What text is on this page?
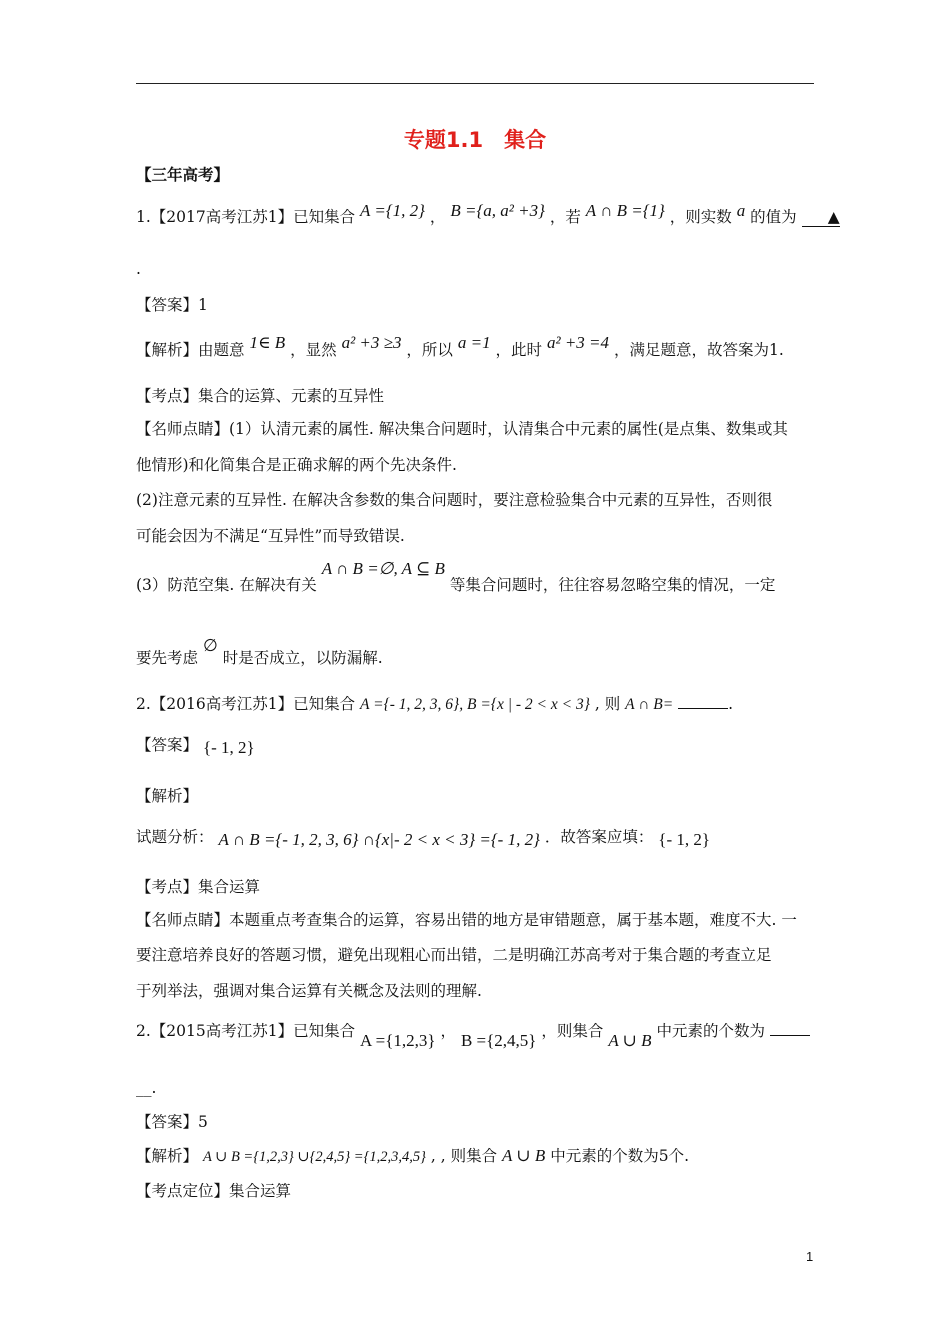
专题1.1　集合
【三年高考】
1.【2017高考江苏1】已知集合 A ={1, 2} ， B ={a, a² +3} ，若 A ∩ B ={1} ，则实数 a 的值为 ▲
.
【答案】1
【解析】由题意 1∈ B ，显然 a² +3 ≥3 ，所以 a =1 ，此时 a² +3 =4 ，满足题意，故答案为1.
【考点】集合的运算、元素的互异性
【名师点睛】(1）认清元素的属性. 解决集合问题时，认清集合中元素的属性(是点集、数集或其
他情形)和化简集合是正确求解的两个先决条件.
(2)注意元素的互异性. 在解决含参数的集合问题时，要注意检验集合中元素的互异性，否则很
可能会因为不满足“互异性”而导致错误.
(3）防范空集. 在解决有关 A ∩ B =∅, A ⊆ B 等集合问题时，往往容易忽略空集的情况，一定
要先考虑 ∅ 时是否成立，以防漏解.
2.【2016高考江苏1】已知集合 A ={- 1, 2, 3, 6}, B ={x | - 2 < x < 3} , 则 A ∩ B=	.
【答案】 {- 1, 2}
【解析】
试题分析： A ∩ B ={- 1, 2, 3, 6} ∩{x|- 2 < x < 3} ={- 1, 2} ．故答案应填： {- 1, 2}
【考点】集合运算
【名师点睛】本题重点考查集合的运算，容易出错的地方是审错题意，属于基本题，难度不大. 一
要注意培养良好的答题习惯，避免出现粗心而出错，二是明确江苏高考对于集合题的考查立足
于列举法，强调对集合运算有关概念及法则的理解.
2.【2015高考江苏1】已知集合 A ={1,2,3} ， B ={2,4,5} ，则集合 A ∪ B 中元素的个数为
__.
【答案】5
【解析】 A ∪ B ={1,2,3} ∪{2,4,5} ={1,2,3,4,5} , , 则集合 A ∪ B 中元素的个数为5个.
【考点定位】集合运算
1
